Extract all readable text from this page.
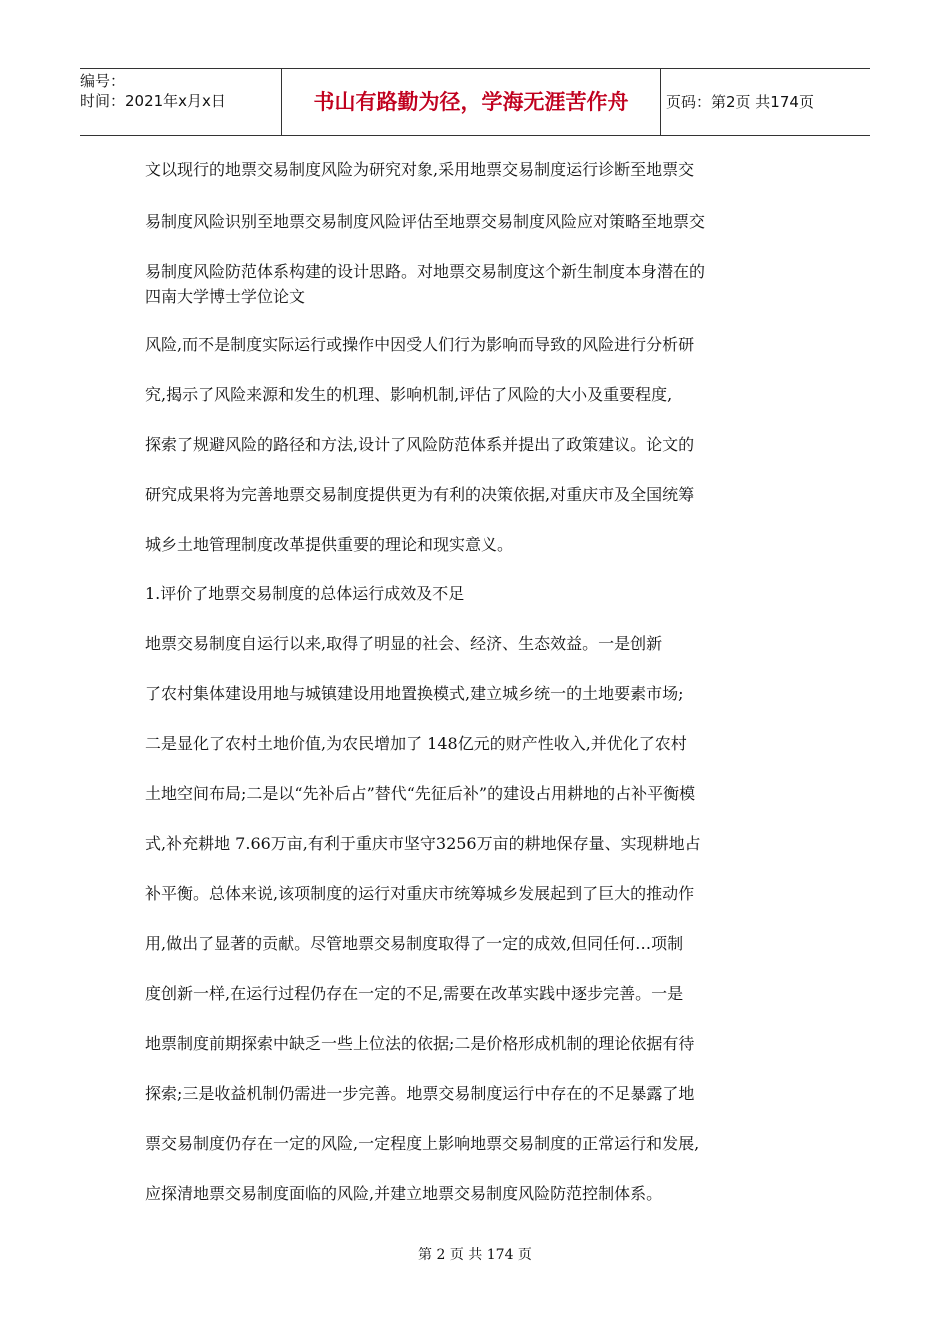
编号：
时间：2021年x月x日	书山有路勤为径，学海无涯苦作舟	页码：第2页 共174页
文以现行的地票交易制度风险为研究对象,采用地票交易制度运行诊断至地票交
易制度风险识别至地票交易制度风险评估至地票交易制度风险应对策略至地票交
易制度风险防范体系构建的设计思路。对地票交易制度这个新生制度本身潜在的
四南大学博士学位论文
风险,而不是制度实际运行或操作中因受人们行为影响而导致的风险进行分析研
究,揭示了风险来源和发生的机理、影响机制,评估了风险的大小及重要程度,
探索了规避风险的路径和方法,设计了风险防范体系并提出了政策建议。论文的
研究成果将为完善地票交易制度提供更为有利的决策依据,对重庆市及全国统筹
城乡土地管理制度改革提供重要的理论和现实意义。
1.评价了地票交易制度的总体运行成效及不足
地票交易制度自运行以来,取得了明显的社会、经济、生态效益。一是创新
了农村集体建设用地与城镇建设用地置换模式,建立城乡统一的土地要素市场;
二是显化了农村土地价值,为农民增加了 148亿元的财产性收入,并优化了农村
土地空间布局;二是以“先补后占”替代“先征后补”的建设占用耕地的占补平衡模
式,补充耕地 7.66万亩,有利于重庆市坚守3256万亩的耕地保存量、实现耕地占
补平衡。总体来说,该项制度的运行对重庆市统筹城乡发展起到了巨大的推动作
用,做出了显著的贡献。尽管地票交易制度取得了一定的成效,但同任何…项制
度创新一样,在运行过程仍存在一定的不足,需要在改革实践中逐步完善。一是
地票制度前期探索中缺乏一些上位法的依据;二是价格形成机制的理论依据有待
探索;三是收益机制仍需进一步完善。地票交易制度运行中存在的不足暴露了地
票交易制度仍存在一定的风险,一定程度上影响地票交易制度的正常运行和发展,
应探清地票交易制度面临的风险,并建立地票交易制度风险防范控制体系。
第 2 页 共 174 页
